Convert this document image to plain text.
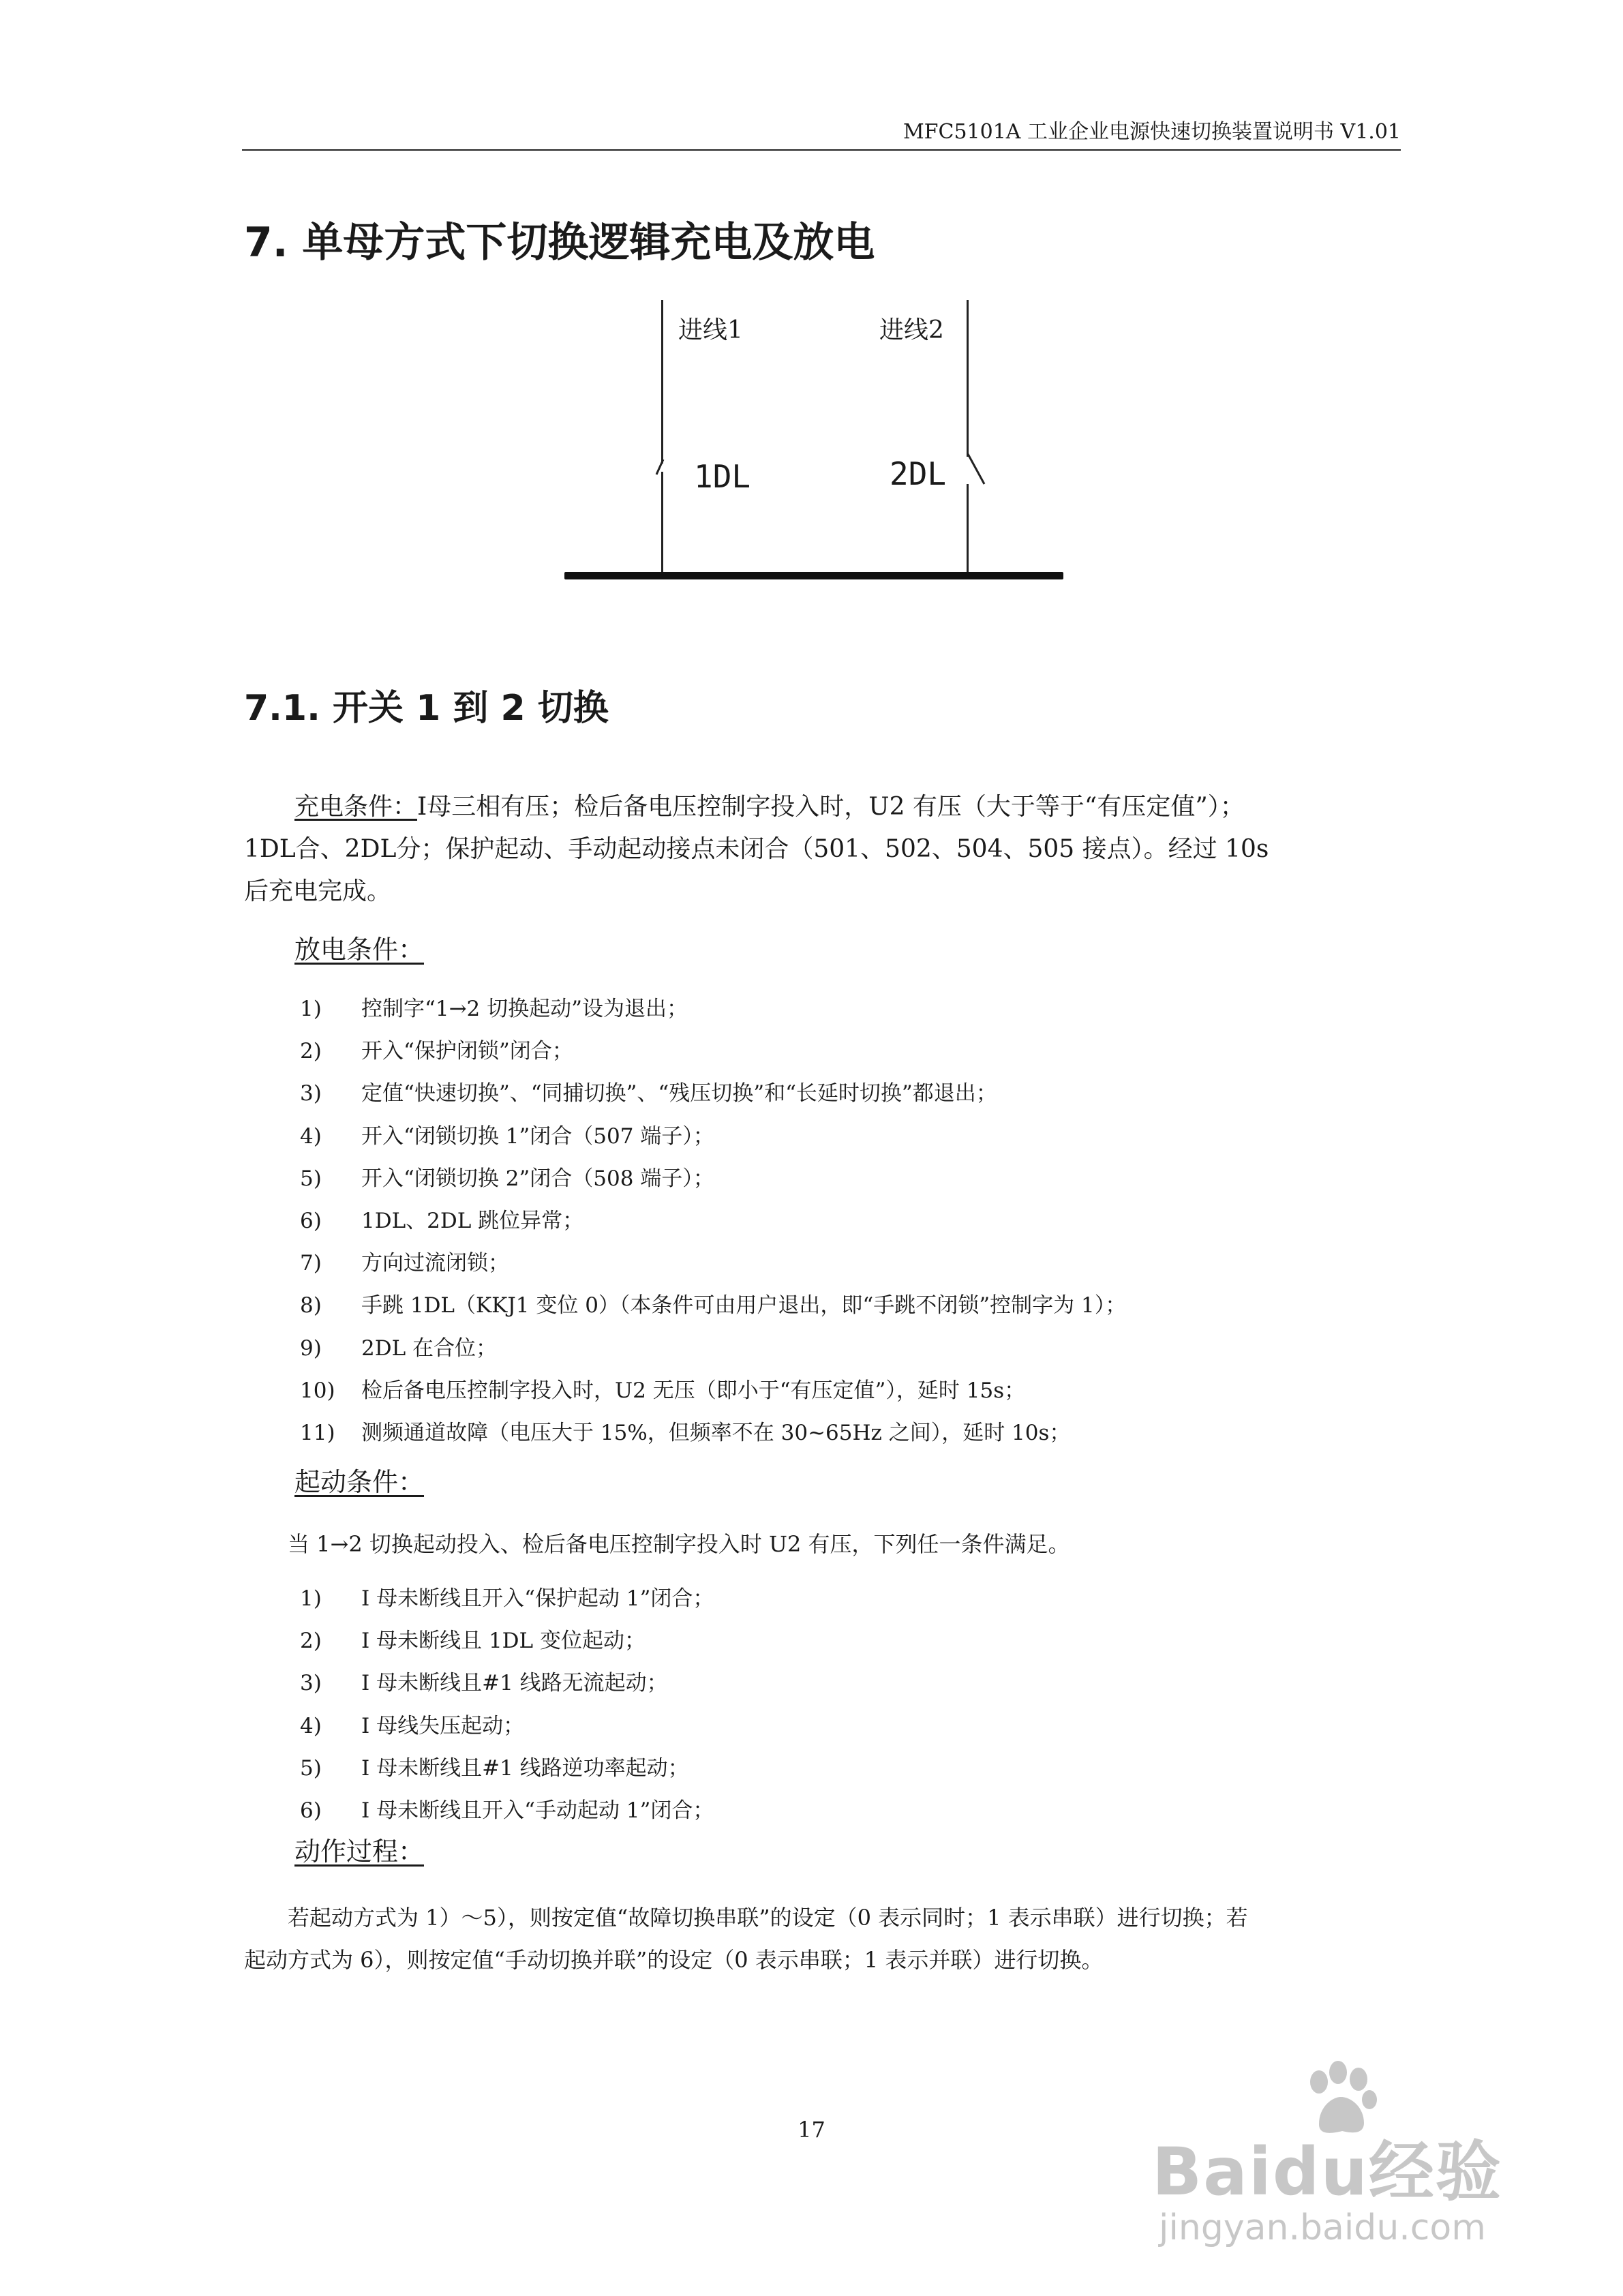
MFC5101A 工业企业电源快速切换装置说明书 V1.01
7. 单母方式下切换逻辑充电及放电
进线1	进线2
1DL	2DL
7.1. 开关 1 到 2 切换
充电条件：I母三相有压；检后备电压控制字投入时，U2 有压（大于等于“有压定值”）；
1DL合、2DL分；保护起动、手动起动接点未闭合（501、502、504、505 接点）。经过 10s
后充电完成。
放电条件：
1)	控制字“1→2 切换起动”设为退出；
2)	开入“保护闭锁”闭合；
3)	定值“快速切换”、“同捕切换”、“残压切换”和“长延时切换”都退出；
4)	开入“闭锁切换 1”闭合（507 端子）；
5)	开入“闭锁切换 2”闭合（508 端子）；
6)	1DL、2DL 跳位异常；
7)	方向过流闭锁；
8)	手跳 1DL（KKJ1 变位 0）（本条件可由用户退出，即“手跳不闭锁”控制字为 1）；
9)	2DL 在合位；
10) 检后备电压控制字投入时，U2 无压（即小于“有压定值”），延时 15s；
11) 测频通道故障（电压大于 15%，但频率不在 30~65Hz 之间），延时 10s；
起动条件：
当 1→2 切换起动投入、检后备电压控制字投入时 U2 有压，下列任一条件满足。
1)	I 母未断线且开入“保护起动 1”闭合；
2)	I 母未断线且 1DL 变位起动；
3)	I 母未断线且#1 线路无流起动；
4)	I 母线失压起动；
5)	I 母未断线且#1 线路逆功率起动；
6)	I 母未断线且开入“手动起动 1”闭合；
动作过程：
若起动方式为 1）～5），则按定值“故障切换串联”的设定（0 表示同时；1 表示串联）进行切换；若
起动方式为 6），则按定值“手动切换并联”的设定（0 表示串联；1 表示并联）进行切换。
17
Baidu经验
jingyan.baidu.com
